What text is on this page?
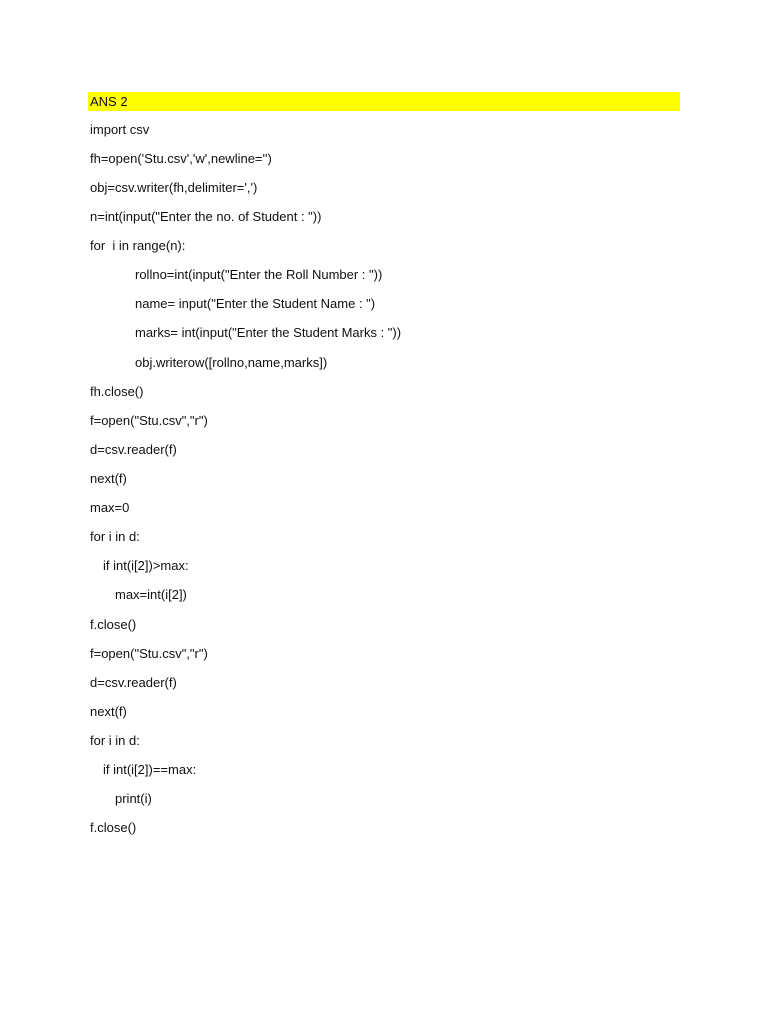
ANS 2
import csv
fh=open('Stu.csv','w',newline='')
obj=csv.writer(fh,delimiter=',')
n=int(input("Enter the no. of Student : "))
for  i in range(n):
rollno=int(input("Enter the Roll Number : "))
name= input("Enter the Student Name : ")
marks= int(input("Enter the Student Marks : "))
obj.writerow([rollno,name,marks])
fh.close()
f=open("Stu.csv","r")
d=csv.reader(f)
next(f)
max=0
for i in d:
if int(i[2])>max:
max=int(i[2])
f.close()
f=open("Stu.csv","r")
d=csv.reader(f)
next(f)
for i in d:
if int(i[2])==max:
print(i)
f.close()
